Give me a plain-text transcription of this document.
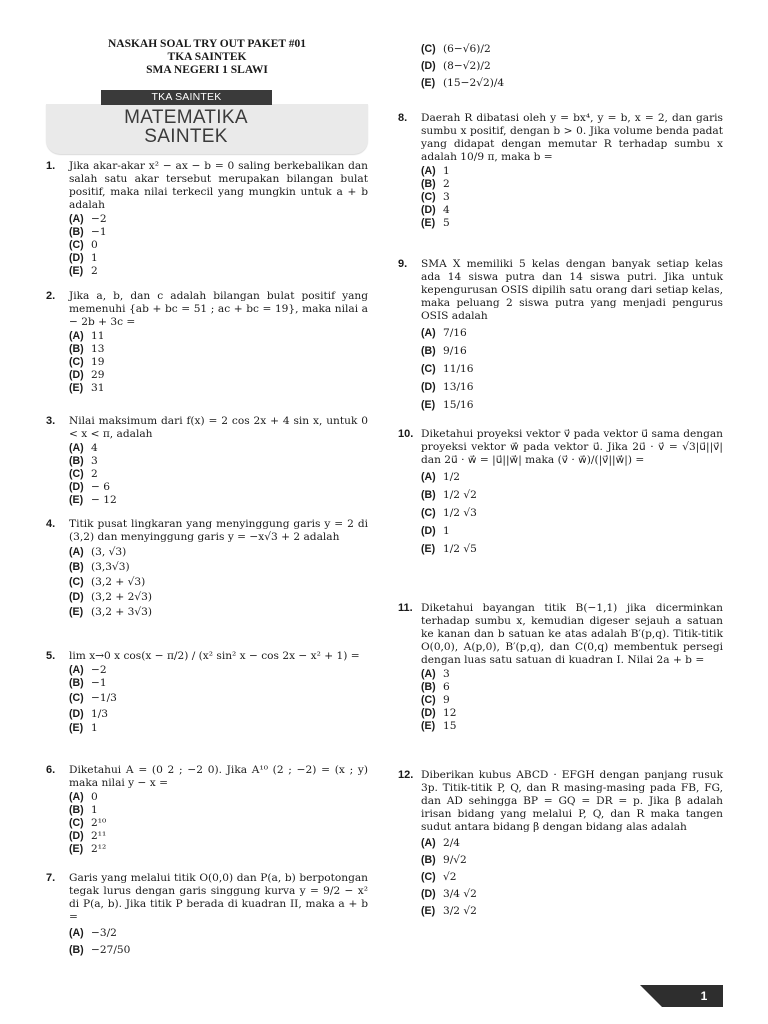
NASKAH SOAL TRY OUT PAKET #01
TKA SAINTEK
SMA NEGERI 1 SLAWI
MATEMATIKA
SAINTEK
TKA SAINTEK
1. Jika akar-akar x² − ax − b = 0 saling berkebalikan dan salah satu akar tersebut merupakan bilangan bulat positif, maka nilai terkecil yang mungkin untuk a + b adalah
(A) −2
(B) −1
(C) 0
(D) 1
(E) 2
2. Jika a, b, dan c adalah bilangan bulat positif yang memenuhi {ab + bc = 51 ; ac + bc = 19}, maka nilai a − 2b + 3c =
(A) 11
(B) 13
(C) 19
(D) 29
(E) 31
3. Nilai maksimum dari f(x) = 2 cos 2x + 4 sin x, untuk 0 < x < π, adalah
(A) 4
(B) 3
(C) 2
(D) − 6
(E) − 12
4. Titik pusat lingkaran yang menyinggung garis y = 2 di (3,2) dan menyinggung garis y = −x√3 + 2 adalah
(A) (3, √3)
(B) (3,3√3)
(C) (3,2 + √3)
(D) (3,2 + 2√3)
(E) (3,2 + 3√3)
5. lim x→0 x cos(x − π/2) / (x² sin² x − cos 2x − x² + 1) =
(A) −2
(B) −1
(C) −1/3
(D) 1/3
(E) 1
6. Diketahui A = (0 2 ; −2 0). Jika A¹⁰ (2 ; −2) = (x ; y) maka nilai y − x =
(A) 0
(B) 1
(C) 2¹⁰
(D) 2¹¹
(E) 2¹²
7. Garis yang melalui titik O(0,0) dan P(a, b) berpotongan tegak lurus dengan garis singgung kurva y = 9/2 − x² di P(a, b). Jika titik P berada di kuadran II, maka a + b =
(A) −3/2
(B) −27/50
(C) (6−√6)/2
(D) (8−√2)/2
(E) (15−2√2)/4
8. Daerah R dibatasi oleh y = bx⁴, y = b, x = 2, dan garis sumbu x positif, dengan b > 0. Jika volume benda padat yang didapat dengan memutar R terhadap sumbu x adalah 10/9 π, maka b =
(A) 1
(B) 2
(C) 3
(D) 4
(E) 5
9. SMA X memiliki 5 kelas dengan banyak setiap kelas ada 14 siswa putra dan 14 siswa putri. Jika untuk kepengurusan OSIS dipilih satu orang dari setiap kelas, maka peluang 2 siswa putra yang menjadi pengurus OSIS adalah
(A) 7/16
(B) 9/16
(C) 11/16
(D) 13/16
(E) 15/16
10. Diketahui proyeksi vektor v⃗ pada vektor u⃗ sama dengan proyeksi vektor w⃗ pada vektor u⃗. Jika 2u⃗ · v⃗ = √3|u⃗||v⃗| dan 2u⃗ · w⃗ = |u⃗||w⃗| maka (v⃗ · w⃗)/(|v⃗||w⃗|) =
(A) 1/2
(B) 1/2 √2
(C) 1/2 √3
(D) 1
(E) 1/2 √5
11. Diketahui bayangan titik B(−1,1) jika dicerminkan terhadap sumbu x, kemudian digeser sejauh a satuan ke kanan dan b satuan ke atas adalah B′(p,q). Titik-titik O(0,0), A(p,0), B′(p,q), dan C(0,q) membentuk persegi dengan luas satu satuan di kuadran I. Nilai 2a + b =
(A) 3
(B) 6
(C) 9
(D) 12
(E) 15
12. Diberikan kubus ABCD · EFGH dengan panjang rusuk 3p. Titik-titik P, Q, dan R masing-masing pada FB, FG, dan AD sehingga BP = GQ = DR = p. Jika β adalah irisan bidang yang melalui P, Q, dan R maka tangen sudut antara bidang β dengan bidang alas adalah
(A) 2/4
(B) 9/√2
(C) √2
(D) 3/4 √2
(E) 3/2 √2
1
